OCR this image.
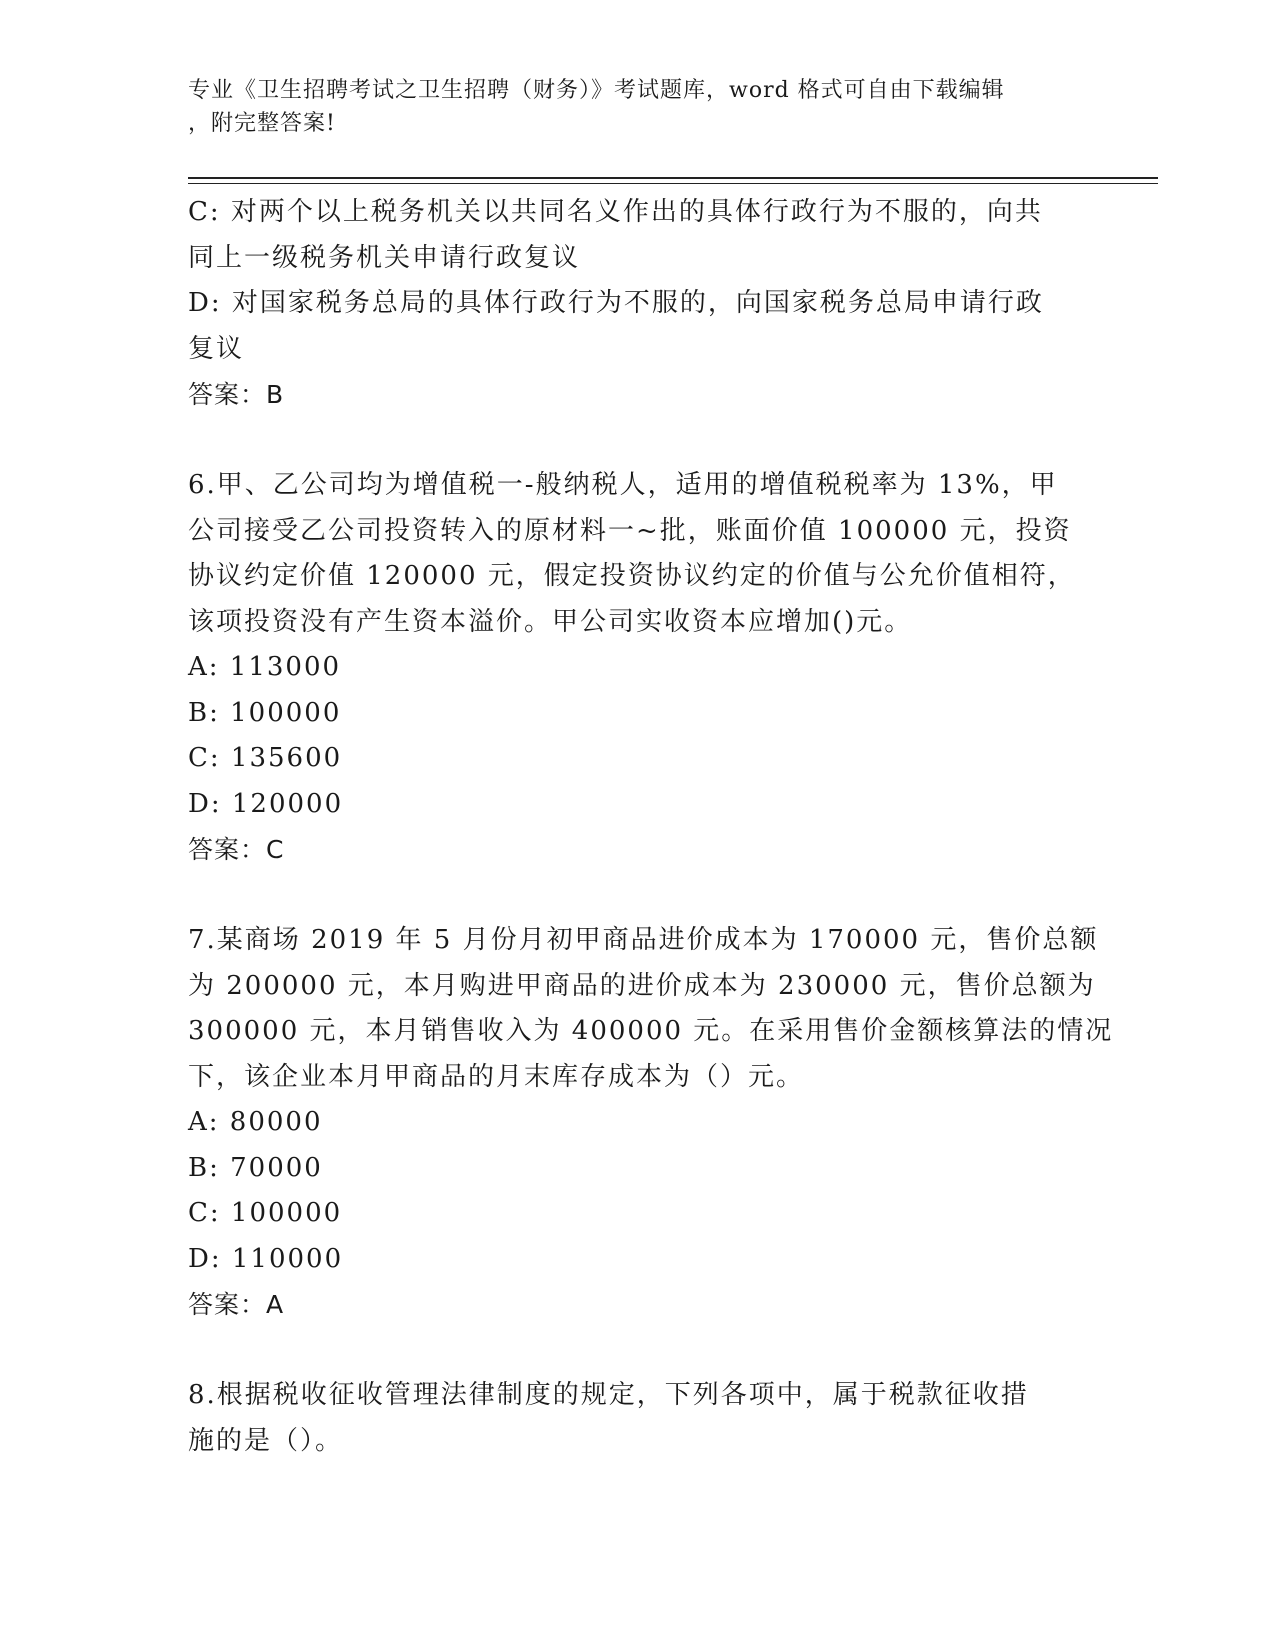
专业《卫生招聘考试之卫生招聘（财务）》考试题库，word 格式可自由下载编辑
，附完整答案!
C: 对两个以上税务机关以共同名义作出的具体行政行为不服的，向共
同上一级税务机关申请行政复议
D: 对国家税务总局的具体行政行为不服的，向国家税务总局申请行政
复议
答案：B
6.甲、乙公司均为增值税一-般纳税人，适用的增值税税率为 13%，甲
公司接受乙公司投资转入的原材料一~批，账面价值 100000 元，投资
协议约定价值 120000 元，假定投资协议约定的价值与公允价值相符，
该项投资没有产生资本溢价。甲公司实收资本应增加()元。
A: 113000
B: 100000
C: 135600
D: 120000
答案：C
7.某商场 2019 年 5 月份月初甲商品进价成本为 170000 元，售价总额
为 200000 元，本月购进甲商品的进价成本为 230000 元，售价总额为
300000 元，本月销售收入为 400000 元。在采用售价金额核算法的情况
下，该企业本月甲商品的月末库存成本为（）元。
A: 80000
B: 70000
C: 100000
D: 110000
答案：A
8.根据税收征收管理法律制度的规定，下列各项中，属于税款征收措
施的是（）。
